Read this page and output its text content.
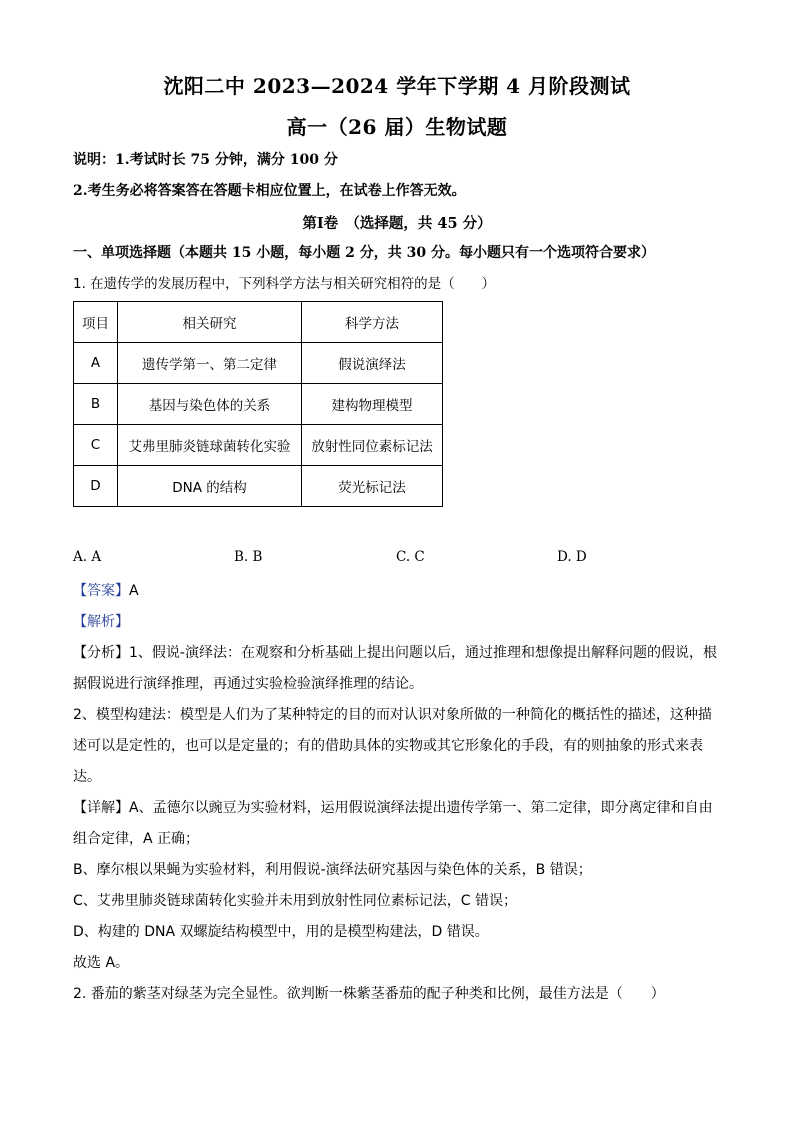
沈阳二中 2023—2024 学年下学期 4 月阶段测试
高一（26 届）生物试题
说明：1.考试时长 75 分钟，满分 100 分
2.考生务必将答案答在答题卡相应位置上，在试卷上作答无效。
第Ⅰ卷　（选择题，共 45 分）
一、单项选择题（本题共 15 小题，每小题 2 分，共 30 分。每小题只有一个选项符合要求）
1. 在遗传学的发展历程中，下列科学方法与相关研究相符的是（　　）
项目	相关研究	科学方法
A	遗传学第一、第二定律	假说演绎法
B	基因与染色体的关系	建构物理模型
C	艾弗里肺炎链球菌转化实验	放射性同位素标记法
D	DNA 的结构	荧光标记法
A. A	B. B	C. C	D. D
【答案】A
【解析】
【分析】1、假说-演绎法：在观察和分析基础上提出问题以后，通过推理和想像提出解释问题的假说，根据假说进行演绎推理，再通过实验检验演绎推理的结论。
2、模型构建法：模型是人们为了某种特定的目的而对认识对象所做的一种简化的概括性的描述，这种描述可以是定性的，也可以是定量的；有的借助具体的实物或其它形象化的手段，有的则抽象的形式来表达。
【详解】A、孟德尔以豌豆为实验材料，运用假说演绎法提出遗传学第一、第二定律，即分离定律和自由组合定律，A 正确；
B、摩尔根以果蝇为实验材料，利用假说-演绎法研究基因与染色体的关系，B 错误；
C、艾弗里肺炎链球菌转化实验并未用到放射性同位素标记法，C 错误；
D、构建的 DNA 双螺旋结构模型中，用的是模型构建法，D 错误。
故选 A。
2. 番茄的紫茎对绿茎为完全显性。欲判断一株紫茎番茄的配子种类和比例，最佳方法是（　　）
